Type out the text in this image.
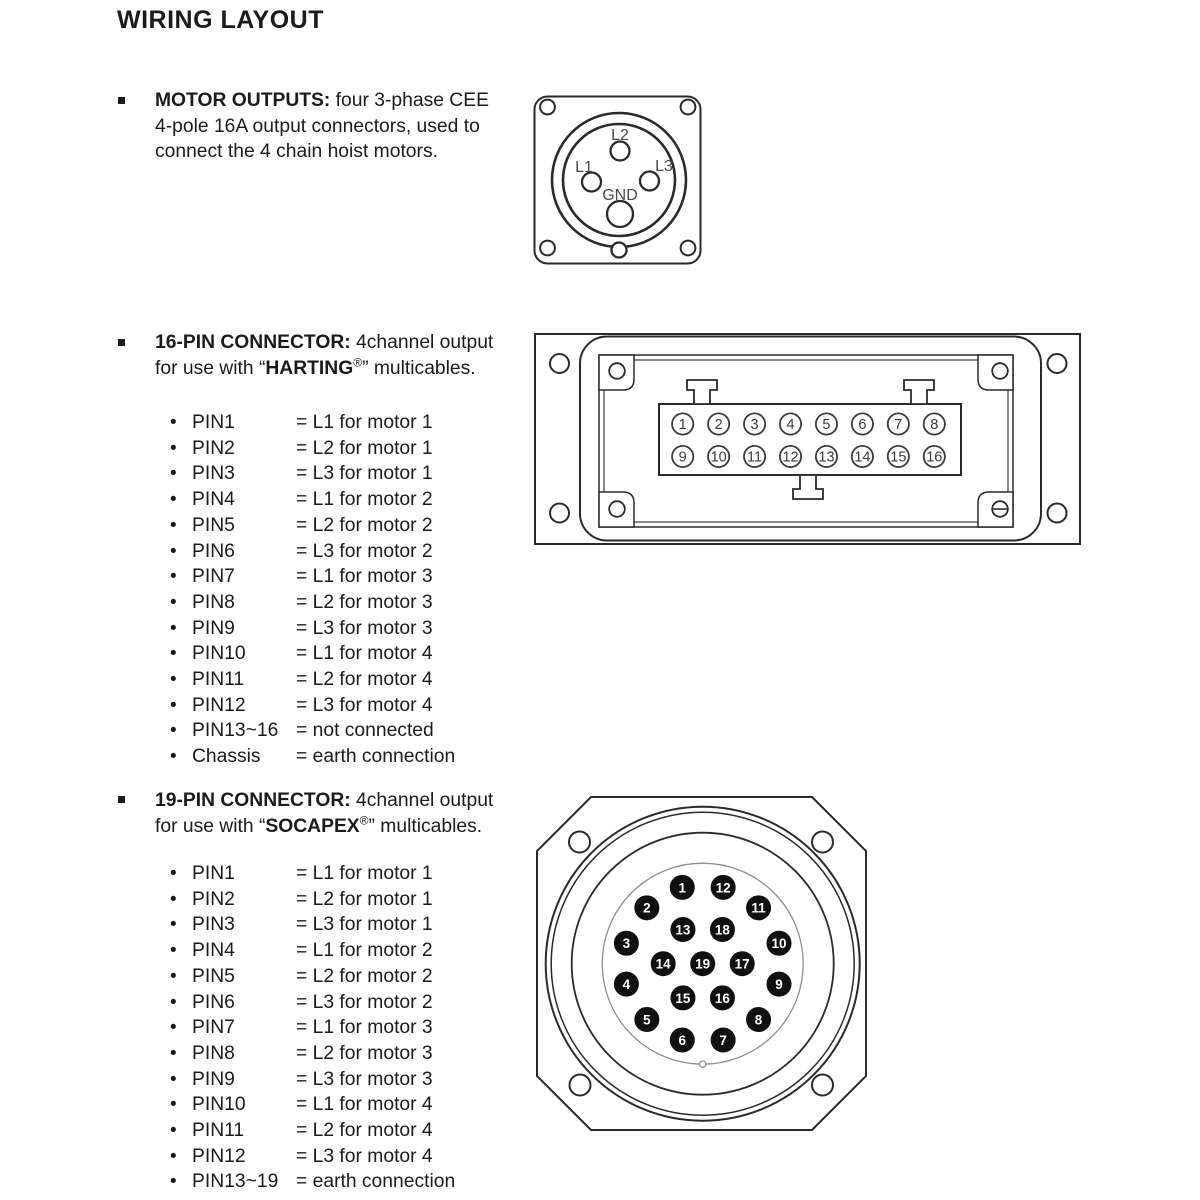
WIRING LAYOUT

MOTOR OUTPUTS: four 3-phase CEE 4-pole 16A output connectors, used to connect the 4 chain hoist motors.

L2
L1	L3
GND

16-PIN CONNECTOR: 4channel output for use with “HARTING®” multicables.

• PIN1	= L1 for motor 1
• PIN2	= L2 for motor 1
• PIN3	= L3 for motor 1
• PIN4	= L1 for motor 2
• PIN5	= L2 for motor 2
• PIN6	= L3 for motor 2
• PIN7	= L1 for motor 3
• PIN8	= L2 for motor 3
• PIN9	= L3 for motor 3
• PIN10	= L1 for motor 4
• PIN11	= L2 for motor 4
• PIN12	= L3 for motor 4
• PIN13~16 = not connected
• Chassis	= earth connection
1 2 3 4 5 6 7 8
9 10 11 12 13 14 15 16

19-PIN CONNECTOR: 4channel output for use with “SOCAPEX®” multicables.

• PIN1	= L1 for motor 1
• PIN2	= L2 for motor 1
• PIN3	= L3 for motor 1
• PIN4	= L1 for motor 2
• PIN5	= L2 for motor 2
• PIN6	= L3 for motor 2
• PIN7	= L1 for motor 3
• PIN8	= L2 for motor 3
• PIN9	= L3 for motor 3
• PIN10	= L1 for motor 4
• PIN11	= L2 for motor 4
• PIN12	= L3 for motor 4
• PIN13~19 = earth connection
1
2
3
4
5
6 7
8
9
10
11
12
13
14
15 16
17
18
19
